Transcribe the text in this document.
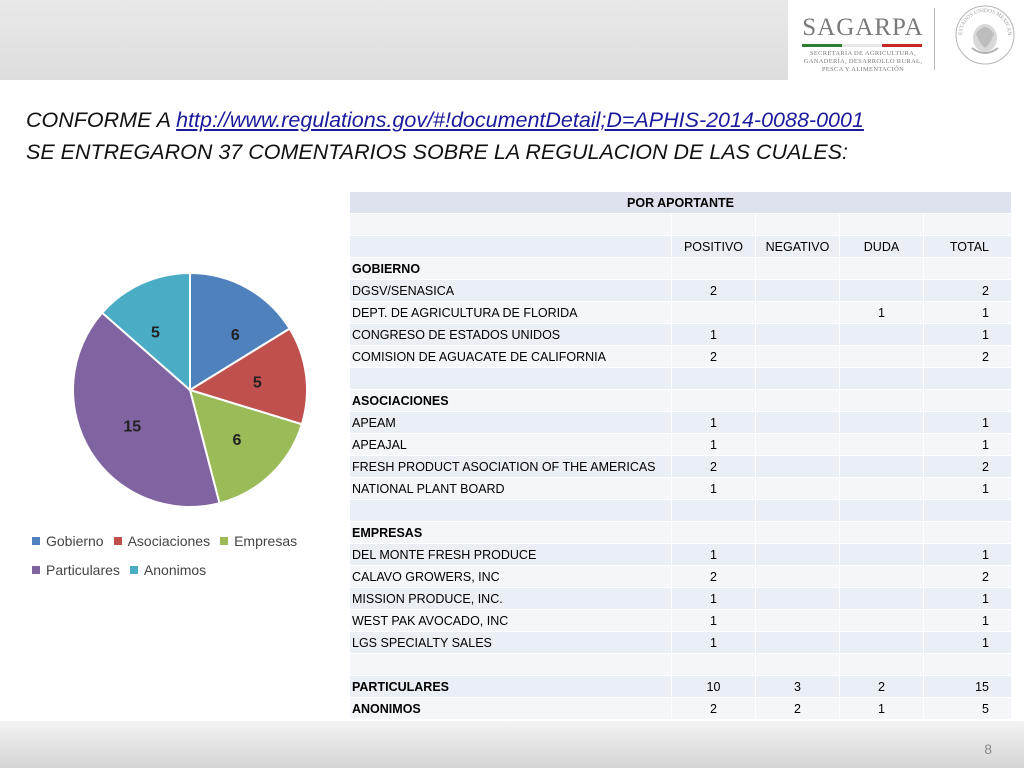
SAGARPA
SECRETARÍA DE AGRICULTURA,
GANADERÍA, DESARROLLO RURAL,
PESCA Y ALIMENTACIÓN
ESTADOS UNIDOS MEXICAN
CONFORME A http://www.regulations.gov/#!documentDetail;D=APHIS-2014-0088-0001
SE ENTREGARON 37 COMENTARIOS SOBRE LA REGULACION DE LAS CUALES:
6
5
6
15
5
Gobierno Asociaciones Empresas
Particulares Anonimos
POR APORTANTE				

	POSITIVO	NEGATIVO	DUDA	TOTAL
GOBIERNO				
DGSV/SENASICA	2			2
DEPT. DE AGRICULTURA DE FLORIDA			1	1
CONGRESO DE ESTADOS UNIDOS	1			1
COMISION DE AGUACATE DE CALIFORNIA	2			2

ASOCIACIONES				
APEAM	1			1
APEAJAL	1			1
FRESH PRODUCT ASOCIATION OF THE AMERICAS	2			2
NATIONAL PLANT BOARD	1			1

EMPRESAS				
DEL MONTE FRESH PRODUCE	1			1
CALAVO GROWERS, INC	2			2
MISSION PRODUCE, INC.	1			1
WEST PAK AVOCADO, INC	1			1
LGS SPECIALTY SALES	1			1

PARTICULARES	10	3	2	15
ANONIMOS	2	2	1	5
8
